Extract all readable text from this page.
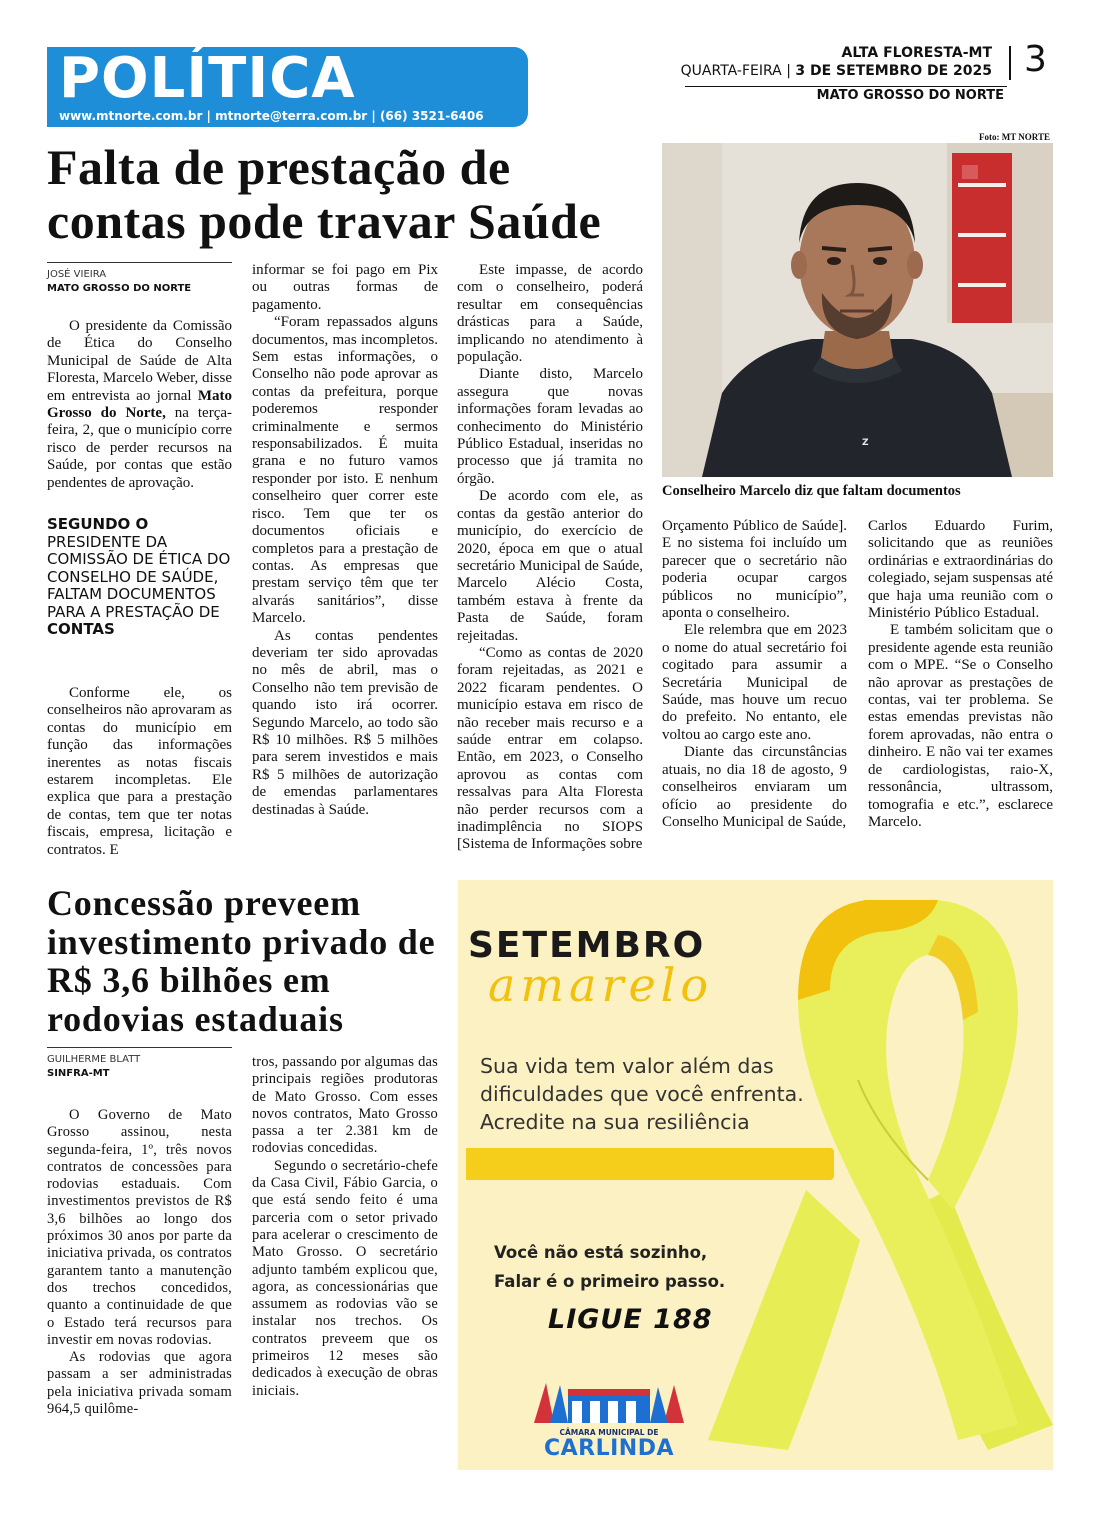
POLÍTICA
www.mtnorte.com.br | mtnorte@terra.com.br | (66) 3521-6406
ALTA FLORESTA-MT
QUARTA-FEIRA | 3 DE SETEMBRO DE 2025 3
MATO GROSSO DO NORTE
Falta de prestação de contas pode travar Saúde
JOSÉ VIEIRA
MATO GROSSO DO NORTE

O presidente da Comissão de Ética do Conselho Municipal de Saúde de Alta Floresta, Marcelo Weber, disse em entrevista ao jornal Mato Grosso do Norte, na terça-feira, 2, que o município corre risco de perder recursos na Saúde, por contas que estão pendentes de aprovação.

SEGUNDO O PRESIDENTE DA COMISSÃO DE ÉTICA DO CONSELHO DE SAÚDE, FALTAM DOCUMENTOS PARA A PRESTAÇÃO DE CONTAS

Conforme ele, os conselheiros não aprovaram as contas do município em função das informações inerentes as notas fiscais estarem incompletas. Ele explica que para a prestação de contas, tem que ter notas fiscais, empresa, licitação e contratos. E

informar se foi pago em Pix ou outras formas de pagamento.

“Foram repassados alguns documentos, mas incompletos. Sem estas informações, o Conselho não pode aprovar as contas da prefeitura, porque poderemos responder criminalmente e sermos responsabilizados. É muita grana e no futuro vamos responder por isto. E nenhum conselheiro quer correr este risco. Tem que ter os documentos oficiais e completos para a prestação de contas. As empresas que prestam serviço têm que ter alvarás sanitários”, disse Marcelo.

As contas pendentes deveriam ter sido aprovadas no mês de abril, mas o Conselho não tem previsão de quando isto irá ocorrer. Segundo Marcelo, ao todo são R$ 10 milhões. R$ 5 milhões para serem investidos e mais R$ 5 milhões de autorização de emendas parlamentares destinadas à Saúde.

Este impasse, de acordo com o conselheiro, poderá resultar em consequências drásticas para a Saúde, implicando no atendimento à população.

Diante disto, Marcelo assegura que novas informações foram levadas ao conhecimento do Ministério Público Estadual, inseridas no processo que já tramita no órgão.

De acordo com ele, as contas da gestão anterior do município, do exercício de 2020, época em que o atual secretário Municipal de Saúde, Marcelo Alécio Costa, também estava à frente da Pasta de Saúde, foram rejeitadas.

“Como as contas de 2020 foram rejeitadas, as 2021 e 2022 ficaram pendentes. O município estava em risco de não receber mais recurso e a saúde entrar em colapso. Então, em 2023, o Conselho aprovou as contas com ressalvas para Alta Floresta não perder recursos com a inadimplência no SIOPS [Sistema de Informações sobre

Foto: MT NORTE
Z
Conselheiro Marcelo diz que faltam documentos

Orçamento Público de Saúde]. E no sistema foi incluído um parecer que o secretário não poderia ocupar cargos públicos no município”, aponta o conselheiro.

Ele relembra que em 2023 o nome do atual secretário foi cogitado para assumir a Secretária Municipal de Saúde, mas houve um recuo do prefeito. No entanto, ele voltou ao cargo este ano.

Diante das circunstâncias atuais, no dia 18 de agosto, 9 conselheiros enviaram um ofício ao presidente do Conselho Municipal de Saúde,

Carlos Eduardo Furim, solicitando que as reuniões ordinárias e extraordinárias do colegiado, sejam suspensas até que haja uma reunião com o Ministério Público Estadual.

E também solicitam que o presidente agende esta reunião com o MPE. “Se o Conselho não aprovar as prestações de contas, vai ter problema. Se estas emendas previstas não forem aprovadas, não entra o dinheiro. E não vai ter exames de cardiologistas, raio-X, ressonância, ultrassom, tomografia e etc.”, esclarece Marcelo.

Concessão preveem investimento privado de R$ 3,6 bilhões em rodovias estaduais
GUILHERME BLATT
SINFRA-MT

O Governo de Mato Grosso assinou, nesta segunda-feira, 1º, três novos contratos de concessões para rodovias estaduais. Com investimentos previstos de R$ 3,6 bilhões ao longo dos próximos 30 anos por parte da iniciativa privada, os contratos garantem tanto a manutenção dos trechos concedidos, quanto a continuidade de que o Estado terá recursos para investir em novas rodovias.

As rodovias que agora passam a ser administradas pela iniciativa privada somam 964,5 quilôme-

tros, passando por algumas das principais regiões produtoras de Mato Grosso. Com esses novos contratos, Mato Grosso passa a ter 2.381 km de rodovias concedidas.

Segundo o secretário-chefe da Casa Civil, Fábio Garcia, o que está sendo feito é uma parceria com o setor privado para acelerar o crescimento de Mato Grosso. O secretário adjunto também explicou que, agora, as concessionárias que assumem as rodovias vão se instalar nos trechos. Os contratos preveem que os primeiros 12 meses são dedicados à execução de obras iniciais.

SETEMBRO
amarelo
Sua vida tem valor além das dificuldades que você enfrenta. Acredite na sua resiliência
Você não está sozinho,
Falar é o primeiro passo.
LIGUE 188
CÂMARA MUNICIPAL DE
CARLINDA
